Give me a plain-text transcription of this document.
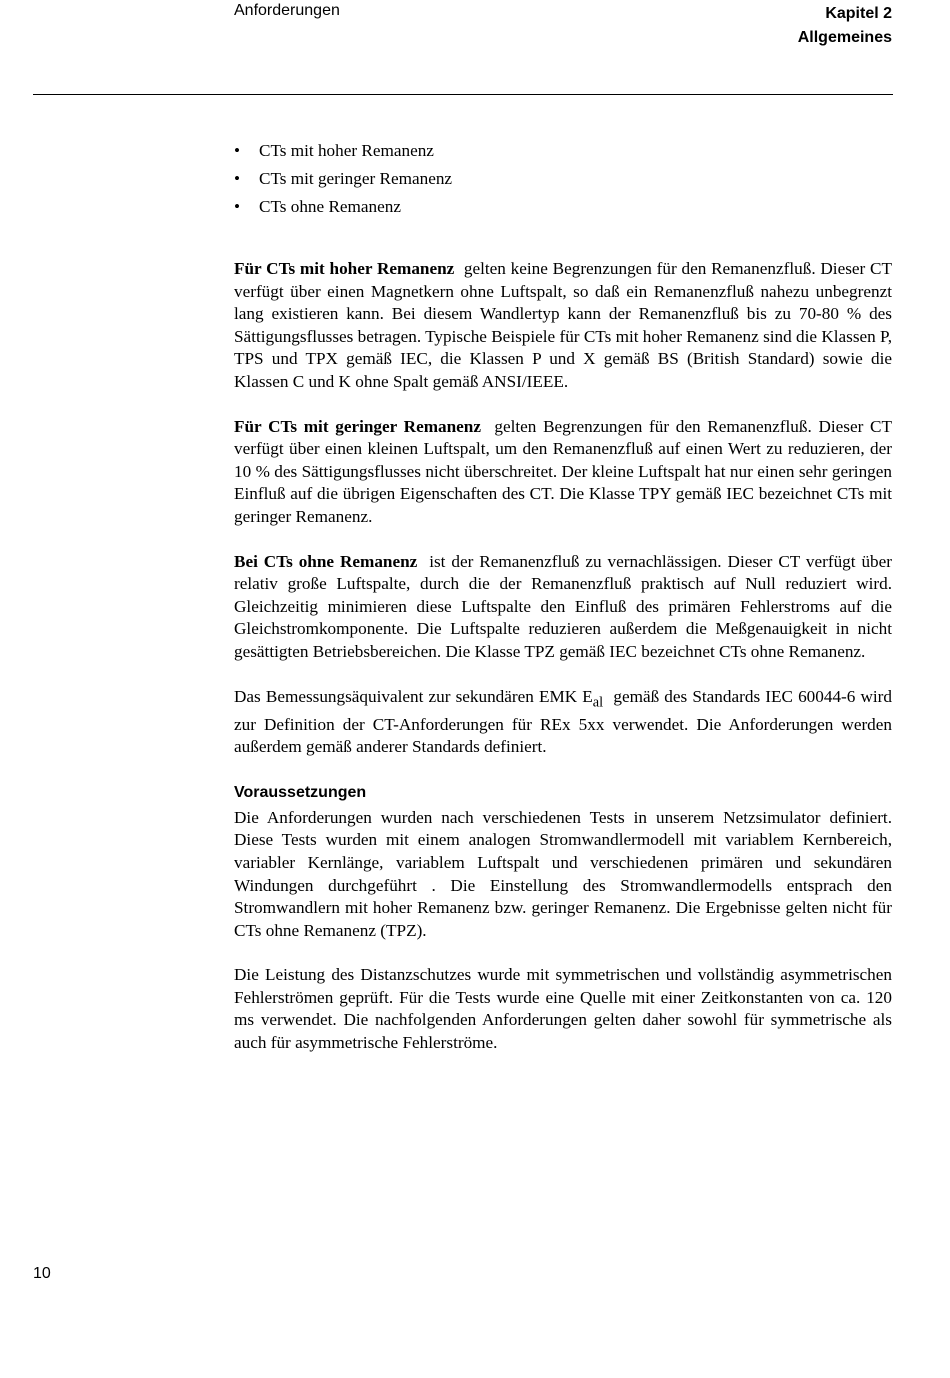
Anforderungen	Kapitel 2
Allgemeines
• CTs mit hoher Remanenz
• CTs mit geringer Remanenz
• CTs ohne Remanenz

Für CTs mit hoher Remanenz gelten keine Begrenzungen für den Remanenzfluß. Dieser CT verfügt über einen Magnetkern ohne Luftspalt, so daß ein Remanenzfluß nahezu unbegrenzt lang existieren kann. Bei diesem Wandlertyp kann der Remanenzfluß bis zu 70-80 % des Sättigungsflusses betragen. Typische Beispiele für CTs mit hoher Remanenz sind die Klassen P, TPS und TPX gemäß IEC, die Klassen P und X gemäß BS (British Standard) sowie die Klassen C und K ohne Spalt gemäß ANSI/IEEE.

Für CTs mit geringer Remanenz gelten Begrenzungen für den Remanenzfluß. Dieser CT verfügt über einen kleinen Luftspalt, um den Remanenzfluß auf einen Wert zu reduzieren, der 10 % des Sättigungsflusses nicht überschreitet. Der kleine Luftspalt hat nur einen sehr geringen Einfluß auf die übrigen Eigenschaften des CT. Die Klasse TPY gemäß IEC bezeichnet CTs mit geringer Remanenz.

Bei CTs ohne Remanenz ist der Remanenzfluß zu vernachlässigen. Dieser CT verfügt über relativ große Luftspalte, durch die der Remanenzfluß praktisch auf Null reduziert wird. Gleichzeitig minimieren diese Luftspalte den Einfluß des primären Fehlerstroms auf die Gleichstromkomponente. Die Luftspalte reduzieren außerdem die Meßgenauigkeit in nicht gesättigten Betriebsbereichen. Die Klasse TPZ gemäß IEC bezeichnet CTs ohne Remanenz.

Das Bemessungsäquivalent zur sekundären EMK $E_{al}$ gemäß des Standards IEC 60044-6 wird zur Definition der CT-Anforderungen für REx 5xx verwendet. Die Anforderungen werden außerdem gemäß anderer Standards definiert.

Voraussetzungen

Die Anforderungen wurden nach verschiedenen Tests in unserem Netzsimulator definiert. Diese Tests wurden mit einem analogen Stromwandlermodell mit variablem Kernbereich, variabler Kernlänge, variablem Luftspalt und verschiedenen primären und sekundären Windungen durchgeführt . Die Einstellung des Stromwandlermodells entsprach den Stromwandlern mit hoher Remanenz bzw. geringer Remanenz. Die Ergebnisse gelten nicht für CTs ohne Remanenz (TPZ).

Die Leistung des Distanzschutzes wurde mit symmetrischen und vollständig asymmetrischen Fehlerströmen geprüft. Für die Tests wurde eine Quelle mit einer Zeitkonstanten von ca. 120 ms verwendet. Die nachfolgenden Anforderungen gelten daher sowohl für symmetrische als auch für asymmetrische Fehlerströme.

10
